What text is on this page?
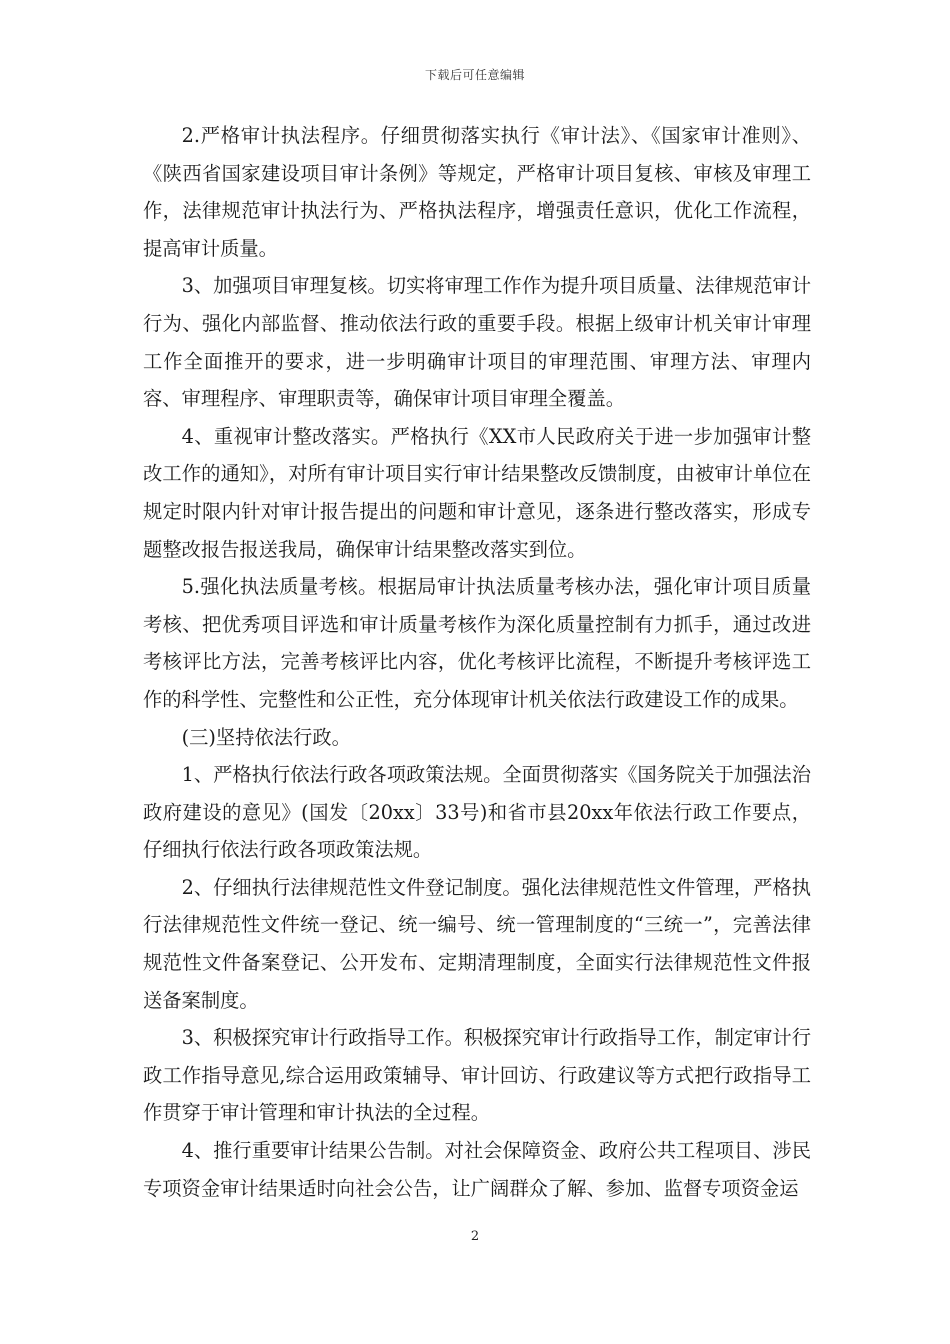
下载后可任意编辑

2.严格审计执法程序。仔细贯彻落实执行《审计法》、《国家审计准则》、《陕西省国家建设项目审计条例》等规定，严格审计项目复核、审核及审理工作，法律规范审计执法行为、严格执法程序，增强责任意识，优化工作流程，提高审计质量。

3、加强项目审理复核。切实将审理工作作为提升项目质量、法律规范审计行为、强化内部监督、推动依法行政的重要手段。根据上级审计机关审计审理工作全面推开的要求，进一步明确审计项目的审理范围、审理方法、审理内容、审理程序、审理职责等，确保审计项目审理全覆盖。

4、重视审计整改落实。严格执行《XX市人民政府关于进一步加强审计整改工作的通知》，对所有审计项目实行审计结果整改反馈制度，由被审计单位在规定时限内针对审计报告提出的问题和审计意见，逐条进行整改落实，形成专题整改报告报送我局，确保审计结果整改落实到位。

5.强化执法质量考核。根据局审计执法质量考核办法，强化审计项目质量考核、把优秀项目评选和审计质量考核作为深化质量控制有力抓手，通过改进考核评比方法，完善考核评比内容，优化考核评比流程，不断提升考核评选工作的科学性、完整性和公正性，充分体现审计机关依法行政建设工作的成果。

(三)坚持依法行政。

1、严格执行依法行政各项政策法规。全面贯彻落实《国务院关于加强法治政府建设的意见》(国发〔20xx〕33号)和省市县20xx年依法行政工作要点，仔细执行依法行政各项政策法规。

2、仔细执行法律规范性文件登记制度。强化法律规范性文件管理，严格执行法律规范性文件统一登记、统一编号、统一管理制度的“三统一”，完善法律规范性文件备案登记、公开发布、定期清理制度，全面实行法律规范性文件报送备案制度。

3、积极探究审计行政指导工作。积极探究审计行政指导工作，制定审计行政工作指导意见,综合运用政策辅导、审计回访、行政建议等方式把行政指导工作贯穿于审计管理和审计执法的全过程。

4、推行重要审计结果公告制。对社会保障资金、政府公共工程项目、涉民专项资金审计结果适时向社会公告，让广阔群众了解、参加、监督专项资金运

2
